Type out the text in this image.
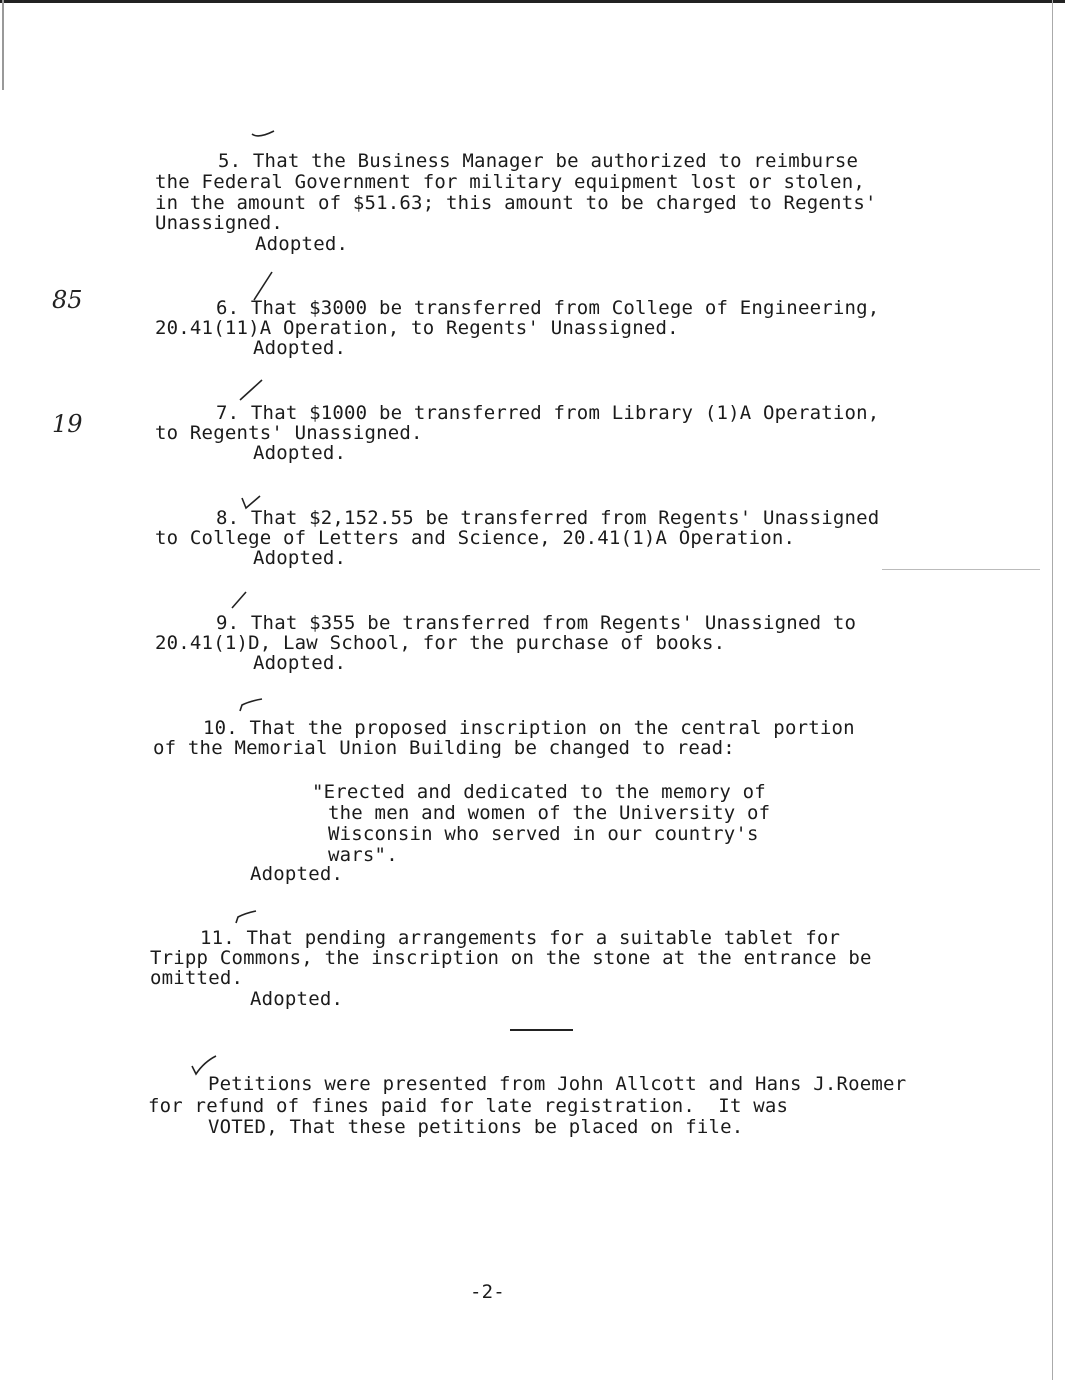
85
19
5. That the Business Manager be authorized to reimburse
the Federal Government for military equipment lost or stolen,
in the amount of $51.63; this amount to be charged to Regents'
Unassigned.
Adopted.
6. That $3000 be transferred from College of Engineering,
20.41(11)A Operation, to Regents' Unassigned.
Adopted.
7. That $1000 be transferred from Library (1)A Operation,
to Regents' Unassigned.
Adopted.
8. That $2,152.55 be transferred from Regents' Unassigned
to College of Letters and Science, 20.41(1)A Operation.
Adopted.
9. That $355 be transferred from Regents' Unassigned to
20.41(1)D, Law School, for the purchase of books.
Adopted.
10. That the proposed inscription on the central portion
of the Memorial Union Building be changed to read:
"Erected and dedicated to the memory of
the men and women of the University of
Wisconsin who served in our country's
wars".
Adopted.
11. That pending arrangements for a suitable tablet for
Tripp Commons, the inscription on the stone at the entrance be
omitted.
Adopted.
Petitions were presented from John Allcott and Hans J.Roemer
for refund of fines paid for late registration.  It was
VOTED, That these petitions be placed on file.
-2-
